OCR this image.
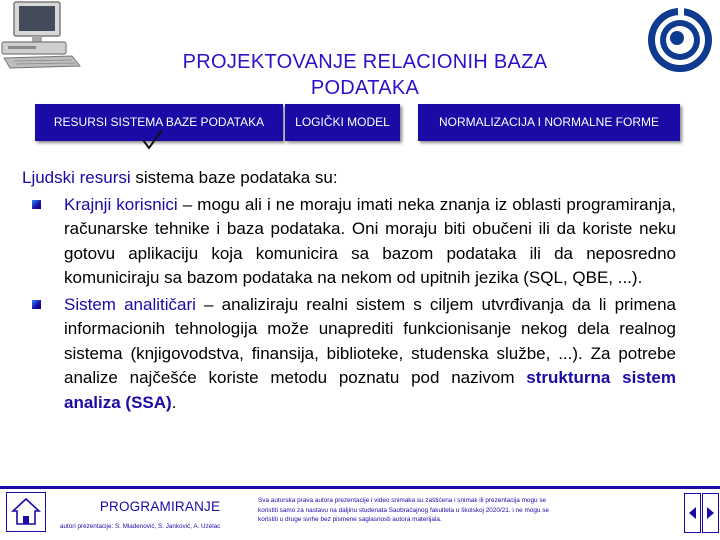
PROJEKTOVANJE RELACIONIH BAZA PODATAKA
RESURSI SISTEMA BAZE PODATAKA	LOGIČKI MODEL	NORMALIZACIJA I NORMALNE FORME
Ljudski resursi sistema baze podataka su:
Krajnji korisnici – mogu ali i ne moraju imati neka znanja iz oblasti programiranja, računarske tehnike i baza podataka. Oni moraju biti obučeni ili da koriste neku gotovu aplikaciju koja komunicira sa bazom podataka ili da neposredno komuniciraju sa bazom podataka na nekom od upitnih jezika (SQL, QBE, ...).
Sistem analitičari – analiziraju realni sistem s ciljem utvrđivanja da li primena informacionih tehnologija može unaprediti funkcionisanje nekog dela realnog sistema (knjigovodstva, finansija, biblioteke, studenska službe, ...). Za potrebe analize najčešće koriste metodu poznatu pod nazivom strukturna sistem analiza (SSA).
PROGRAMIRANJE
autori prezentacije: S. Mladenović, S. Janković, A. Uzelac
Sva autorska prava autora prezentacije i video snimaka su zaštićena i snimak ili prezentacija mogu se koristiti samo za nastavu na daljinu studenata Saobraćajnog fakulteta u školskoj 2020/21. i ne mogu se koristiti u druge svrhe bez pismene saglasnosti autora materijala.
